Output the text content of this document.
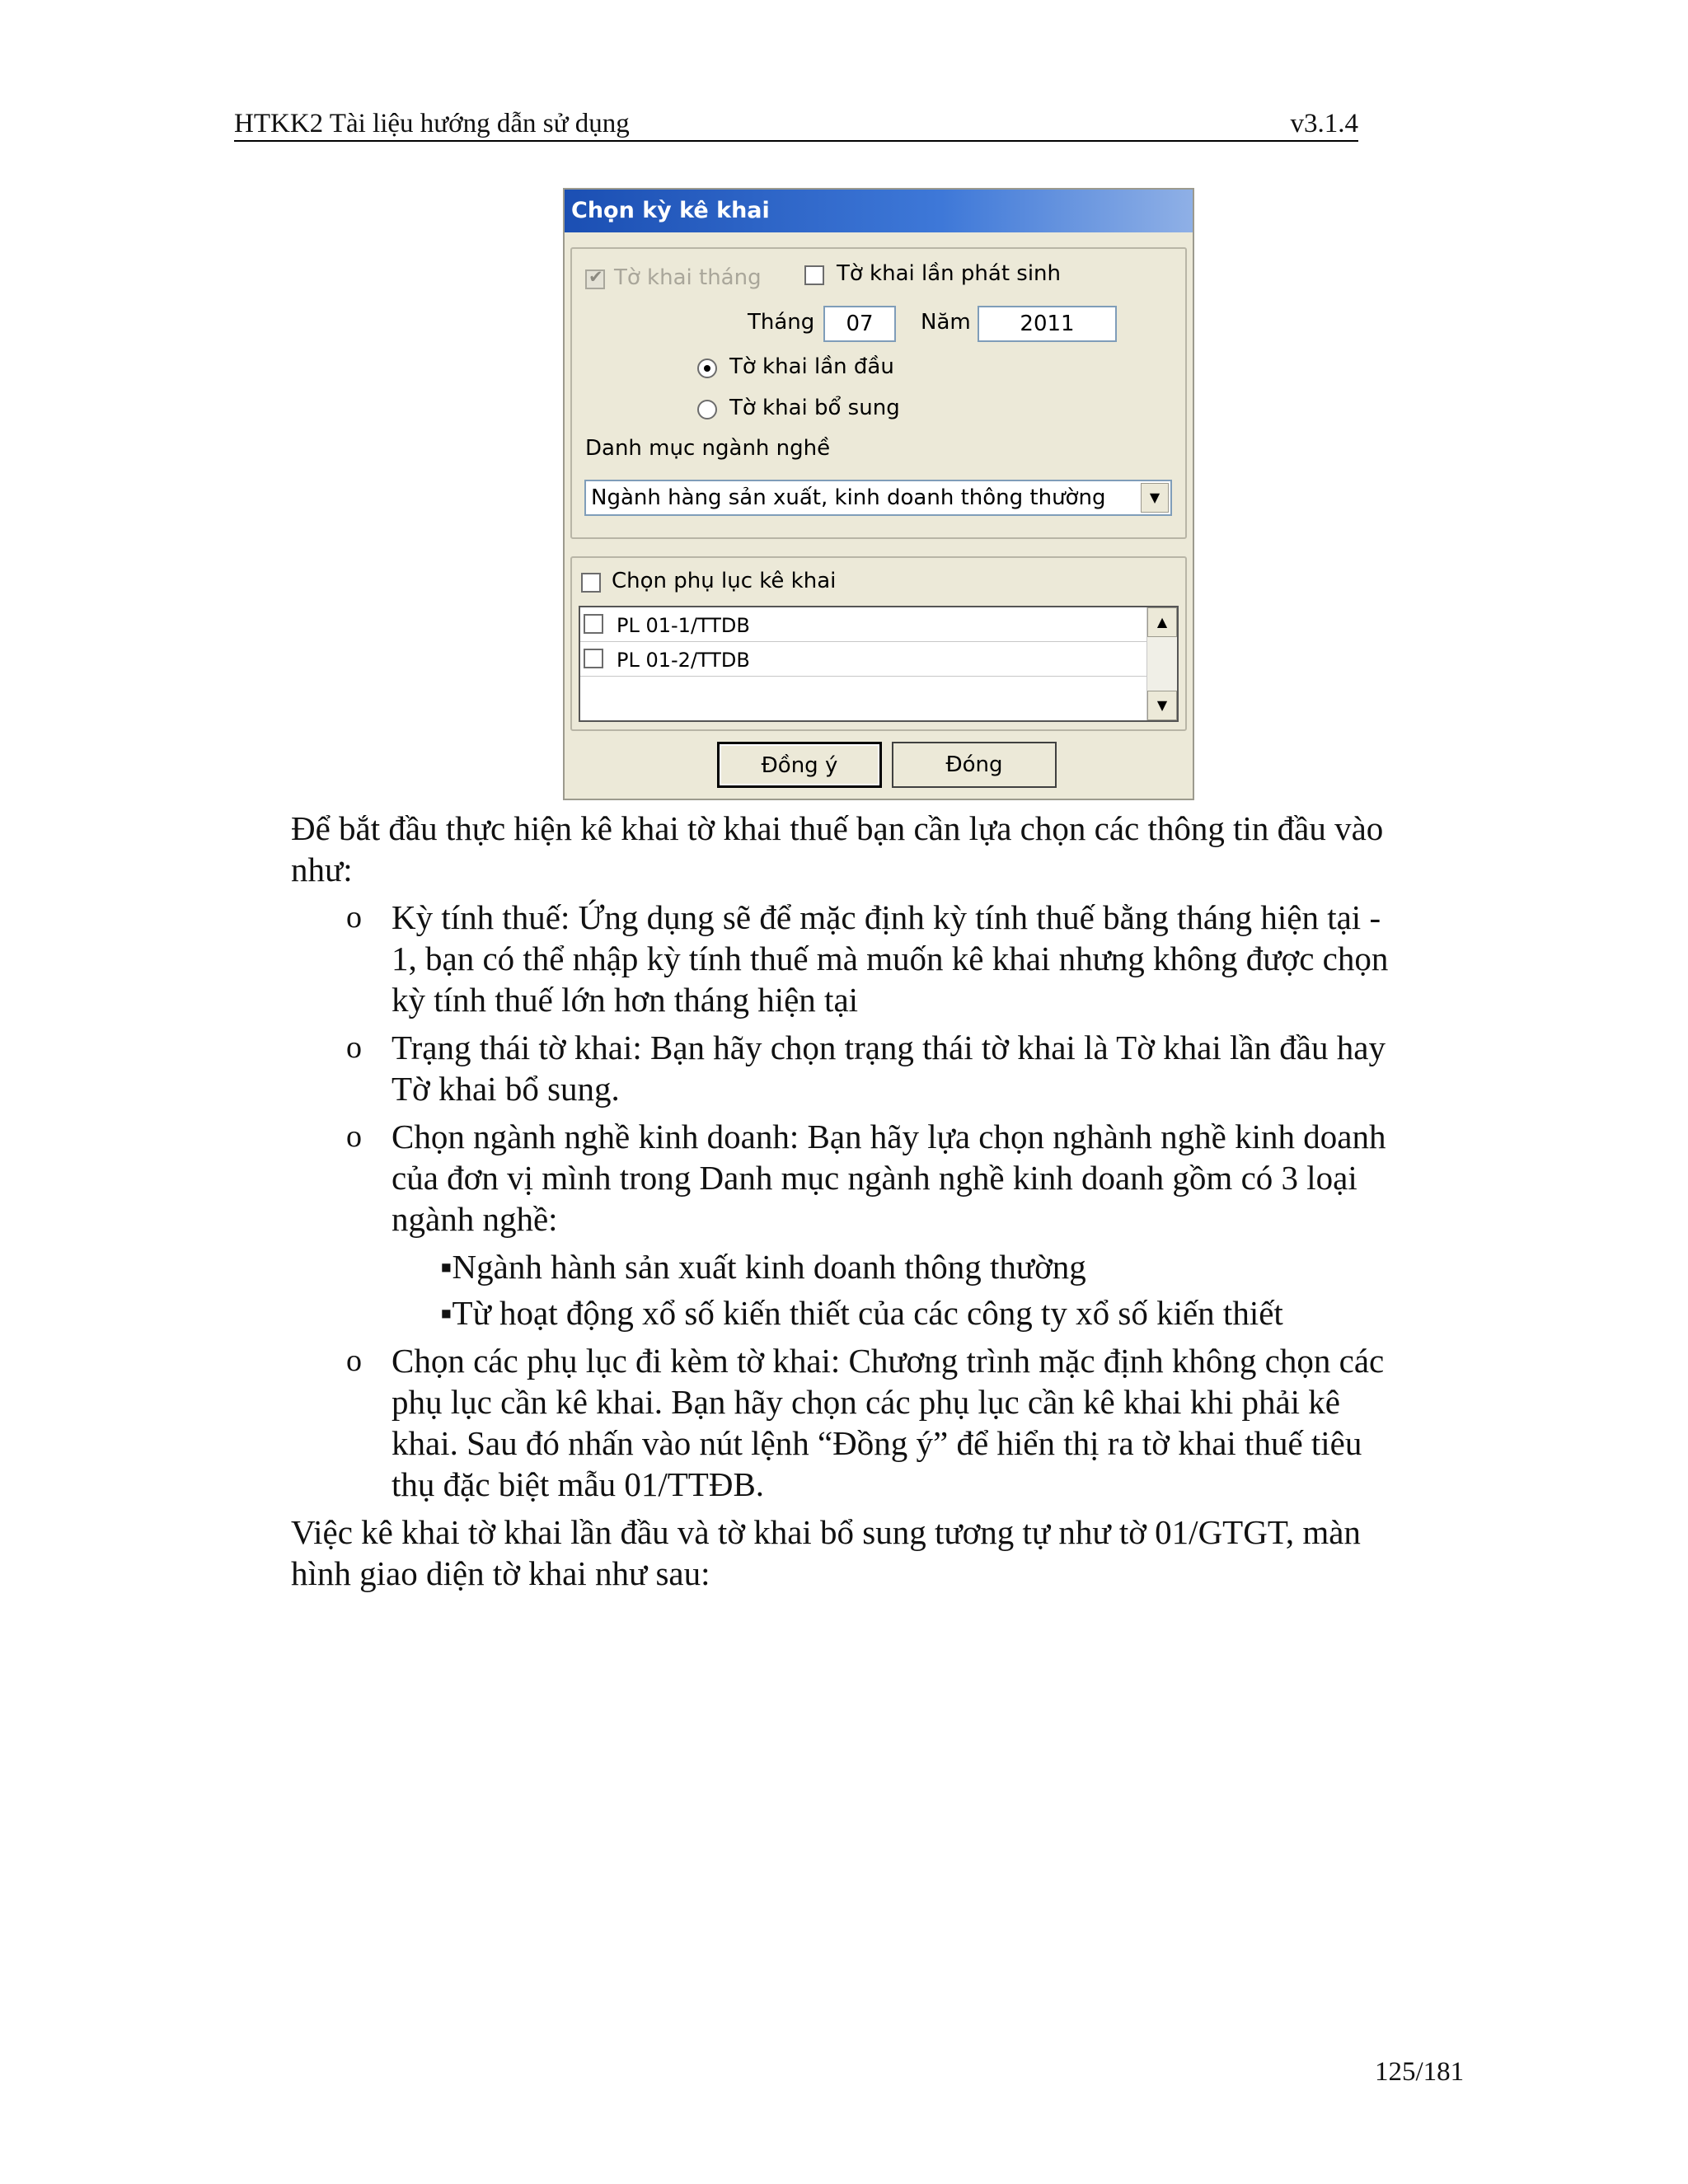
HTKK2 Tài liệu hướng dẫn sử dụng	v3.1.4
Chọn kỳ kê khai
✔
Tờ khai tháng	Tờ khai lần phát sinh
Tháng	07	Năm	2011
Tờ khai lần đầu
Tờ khai bổ sung
Danh mục ngành nghề
Ngành hàng sản xuất, kinh doanh thông thường	▼
Chọn phụ lục kê khai
PL 01-1/TTDB
PL 01-2/TTDB
▲
▼
Đồng ý	Đóng
Để bắt đầu thực hiện kê khai tờ khai thuế bạn cần lựa chọn các thông tin đầu vào
như:
o Kỳ tính thuế: Ứng dụng sẽ để mặc định kỳ tính thuế bằng tháng hiện tại -
1, bạn có thể nhập kỳ tính thuế mà muốn kê khai nhưng không được chọn
kỳ tính thuế lớn hơn tháng hiện tại
o Trạng thái tờ khai: Bạn hãy chọn trạng thái tờ khai là Tờ khai lần đầu hay
Tờ khai bổ sung.
o Chọn ngành nghề kinh doanh: Bạn hãy lựa chọn nghành nghề kinh doanh
của đơn vị mình trong Danh mục ngành nghề kinh doanh gồm có 3 loại
ngành nghề:
▪Ngành hành sản xuất kinh doanh thông thường
▪Từ hoạt động xổ số kiến thiết của các công ty xổ số kiến thiết
o Chọn các phụ lục đi kèm tờ khai: Chương trình mặc định không chọn các
phụ lục cần kê khai. Bạn hãy chọn các phụ lục cần kê khai khi phải kê
khai. Sau đó nhấn vào nút lệnh “Đồng ý” để hiển thị ra tờ khai thuế tiêu
thụ đặc biệt mẫu 01/TTĐB.
Việc kê khai tờ khai lần đầu và tờ khai bổ sung tương tự như tờ 01/GTGT, màn
hình giao diện tờ khai như sau:
125/181
